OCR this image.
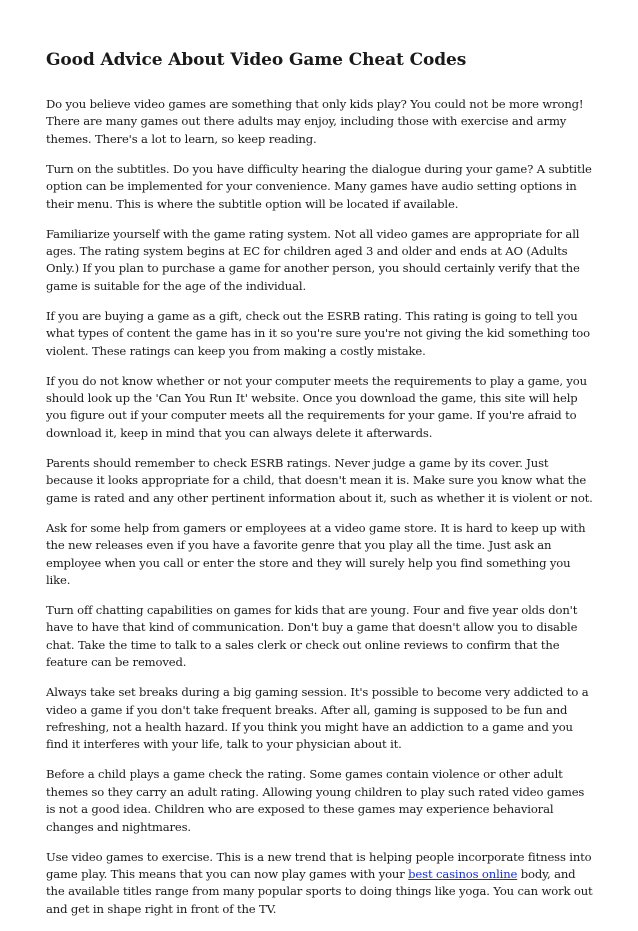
Good Advice About Video Game Cheat Codes

Do you believe video games are something that only kids play? You could not be more wrong! There are many games out there adults may enjoy, including those with exercise and army themes. There's a lot to learn, so keep reading.

Turn on the subtitles. Do you have difficulty hearing the dialogue during your game? A subtitle option can be implemented for your convenience. Many games have audio setting options in their menu. This is where the subtitle option will be located if available.

Familiarize yourself with the game rating system. Not all video games are appropriate for all ages. The rating system begins at EC for children aged 3 and older and ends at AO (Adults Only.) If you plan to purchase a game for another person, you should certainly verify that the game is suitable for the age of the individual.

If you are buying a game as a gift, check out the ESRB rating. This rating is going to tell you what types of content the game has in it so you're sure you're not giving the kid something too violent. These ratings can keep you from making a costly mistake.

If you do not know whether or not your computer meets the requirements to play a game, you should look up the 'Can You Run It' website. Once you download the game, this site will help you figure out if your computer meets all the requirements for your game. If you're afraid to download it, keep in mind that you can always delete it afterwards.

Parents should remember to check ESRB ratings. Never judge a game by its cover. Just because it looks appropriate for a child, that doesn't mean it is. Make sure you know what the game is rated and any other pertinent information about it, such as whether it is violent or not.

Ask for some help from gamers or employees at a video game store. It is hard to keep up with the new releases even if you have a favorite genre that you play all the time. Just ask an employee when you call or enter the store and they will surely help you find something you like.

Turn off chatting capabilities on games for kids that are young. Four and five year olds don't have to have that kind of communication. Don't buy a game that doesn't allow you to disable chat. Take the time to talk to a sales clerk or check out online reviews to confirm that the feature can be removed.

Always take set breaks during a big gaming session. It's possible to become very addicted to a video a game if you don't take frequent breaks. After all, gaming is supposed to be fun and refreshing, not a health hazard. If you think you might have an addiction to a game and you find it interferes with your life, talk to your physician about it.

Before a child plays a game check the rating. Some games contain violence or other adult themes so they carry an adult rating. Allowing young children to play such rated video games is not a good idea. Children who are exposed to these games may experience behavioral changes and nightmares.

Use video games to exercise. This is a new trend that is helping people incorporate fitness into game play. This means that you can now play games with your best casinos online body, and the available titles range from many popular sports to doing things like yoga. You can work out and get in shape right in front of the TV.
